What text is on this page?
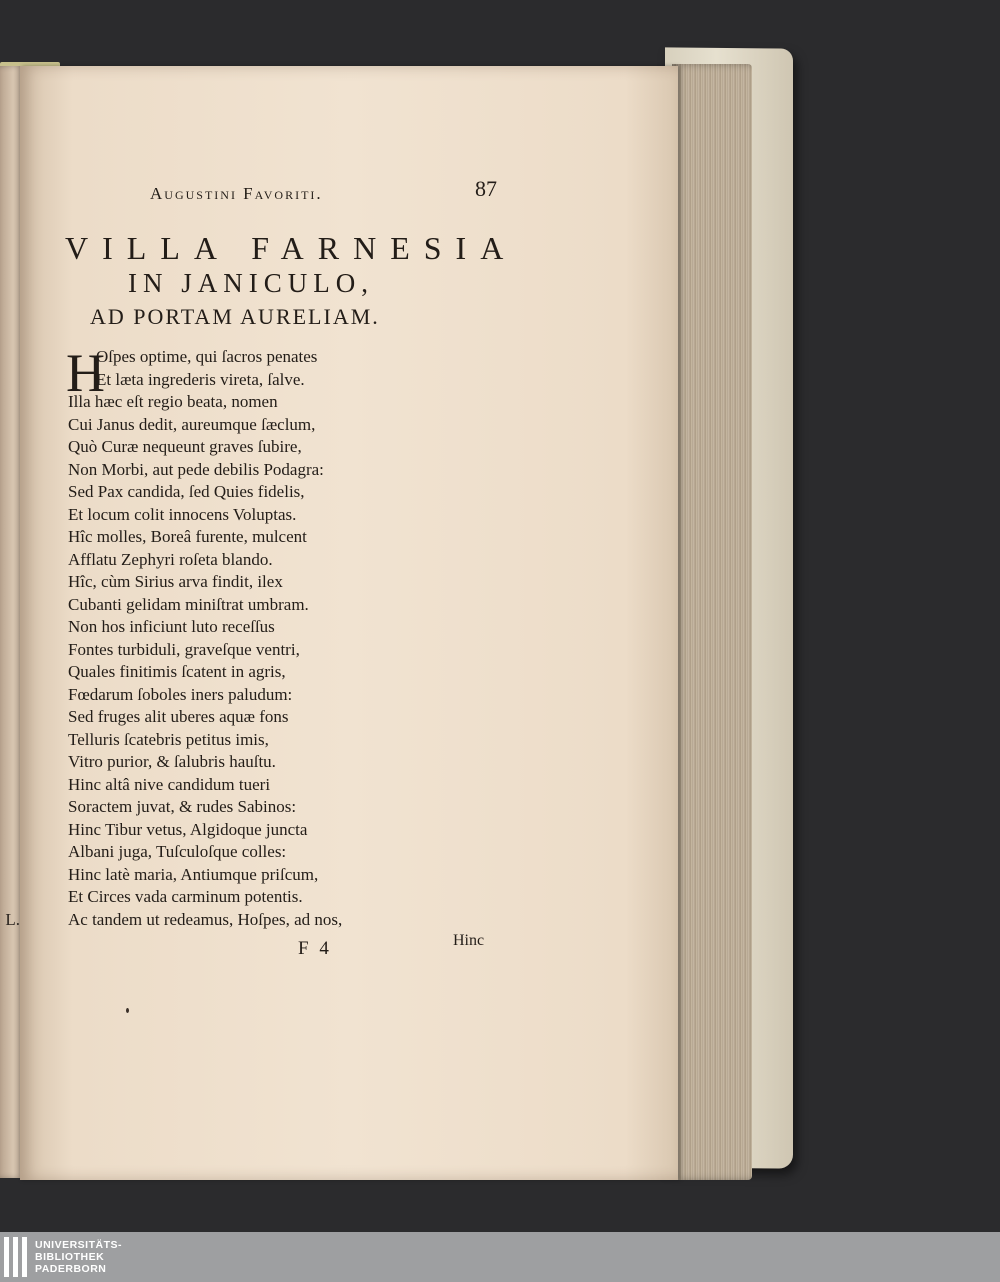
L.
Augustini Favoriti.	87
VILLA FARNESIA
IN JANICULO,
AD PORTAM AURELIAM.
H
Oſpes optime, qui ſacros penates
Et læta ingrederis vireta, ſalve.
Illa hæc eſt regio beata, nomen
Cui Janus dedit, aureumque ſæclum,
Quò Curæ nequeunt graves ſubire,
Non Morbi, aut pede debilis Podagra:
Sed Pax candida, ſed Quies fidelis,
Et locum colit innocens Voluptas.
Hîc molles, Boreâ furente, mulcent
Afflatu Zephyri roſeta blando.
Hîc, cùm Sirius arva findit, ilex
Cubanti gelidam miniſtrat umbram.
Non hos inficiunt luto receſſus
Fontes turbiduli, graveſque ventri,
Quales finitimis ſcatent in agris,
Fœdarum ſoboles iners paludum:
Sed fruges alit uberes aquæ fons
Telluris ſcatebris petitus imis,
Vitro purior, & ſalubris hauſtu.
Hinc altâ nive candidum tueri
Soractem juvat, & rudes Sabinos:
Hinc Tibur vetus, Algidoque juncta
Albani juga, Tuſculoſque colles:
Hinc latè maria, Antiumque priſcum,
Et Circes vada carminum potentis.
Ac tandem ut redeamus, Hoſpes, ad nos,
F 4	Hinc
UNIVERSITÄTS-
BIBLIOTHEK
PADERBORN
